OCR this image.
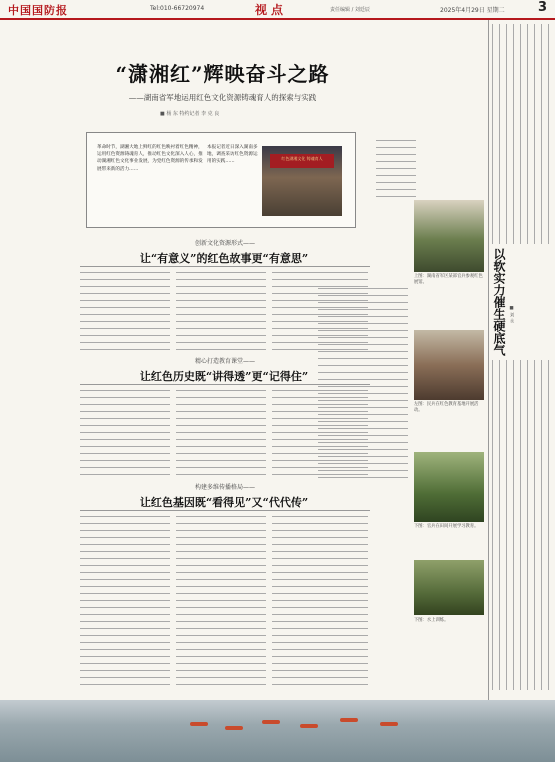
中国国防报	Tel:010-66720974	视点	责任编辑 / 刘廷辰	2025年4月29日 星期二	3
“潇湘红”辉映奋斗之路
——湖南省军地运用红色文化资源铸魂育人的探索与实践
■ 杨 东 特约记者 李 克 良
革命时节，湖湘大地上鲜红的红色映衬着红色精神，运用红色资源铸魂育人，推动红色文化深入人心，推动湖湘红色文化事业发展，为党红色资源的传承和发展带来新的活力……
本报记者近日深入湖南多地，调查采访红色资源运用的实践……
红色湖湘文化 铸魂育人
创新文化资源形式——
让“有意义”的红色故事更“有意思”
精心打造教育课堂——
让红色历史既“讲得透”更“记得住”
构建多维传播格局——
让红色基因既“看得见”又“代代传”
上图：湖南省军区某部官兵参观红色展馆。
左图：民兵在红色教育基地开展活动。
下图：官兵在田间开展学习教育。
下图：水上训练。
以软实力催生硬底气 ■ 刘 永
